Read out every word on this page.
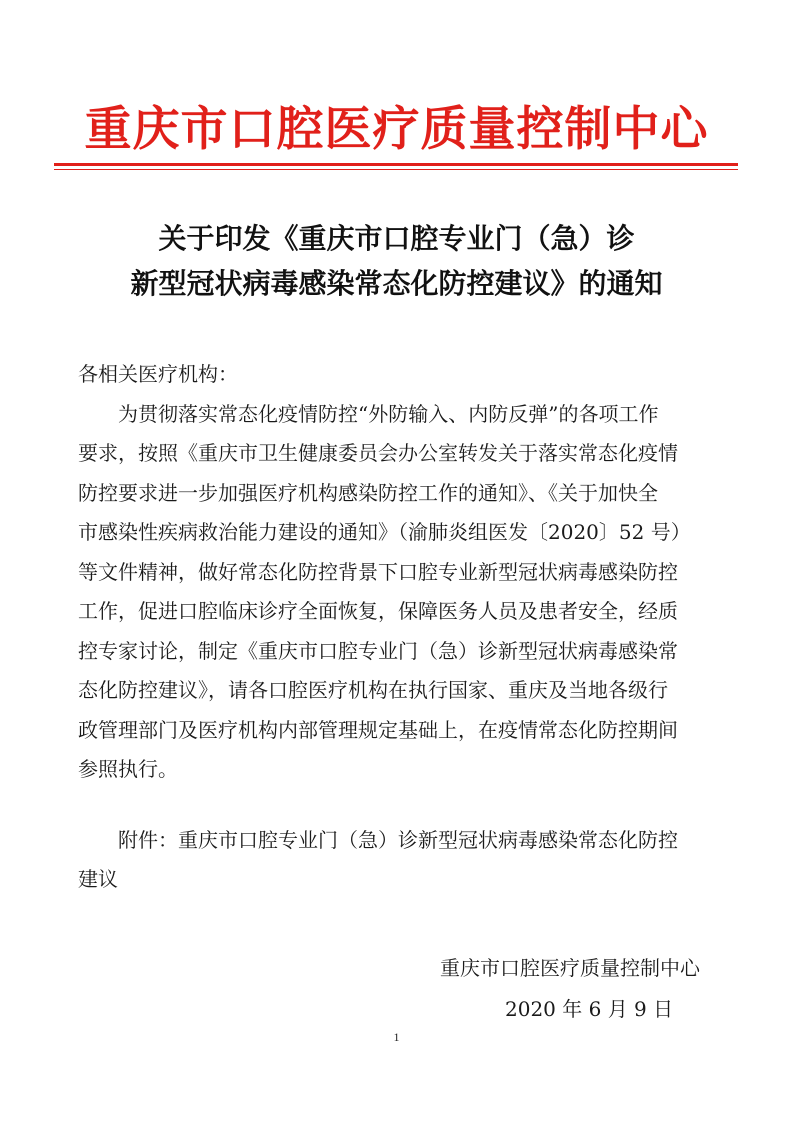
重庆市口腔医疗质量控制中心
关于印发《重庆市口腔专业门（急）诊
新型冠状病毒感染常态化防控建议》的通知
各相关医疗机构：
为贯彻落实常态化疫情防控“外防输入、内防反弹”的各项工作
要求，按照《重庆市卫生健康委员会办公室转发关于落实常态化疫情
防控要求进一步加强医疗机构感染防控工作的通知》、《关于加快全
市感染性疾病救治能力建设的通知》（渝肺炎组医发〔2020〕52 号）
等文件精神，做好常态化防控背景下口腔专业新型冠状病毒感染防控
工作，促进口腔临床诊疗全面恢复，保障医务人员及患者安全，经质
控专家讨论，制定《重庆市口腔专业门（急）诊新型冠状病毒感染常
态化防控建议》，请各口腔医疗机构在执行国家、重庆及当地各级行
政管理部门及医疗机构内部管理规定基础上，在疫情常态化防控期间
参照执行。
附件：重庆市口腔专业门（急）诊新型冠状病毒感染常态化防控
建议
重庆市口腔医疗质量控制中心
2020 年 6 月 9 日
1
